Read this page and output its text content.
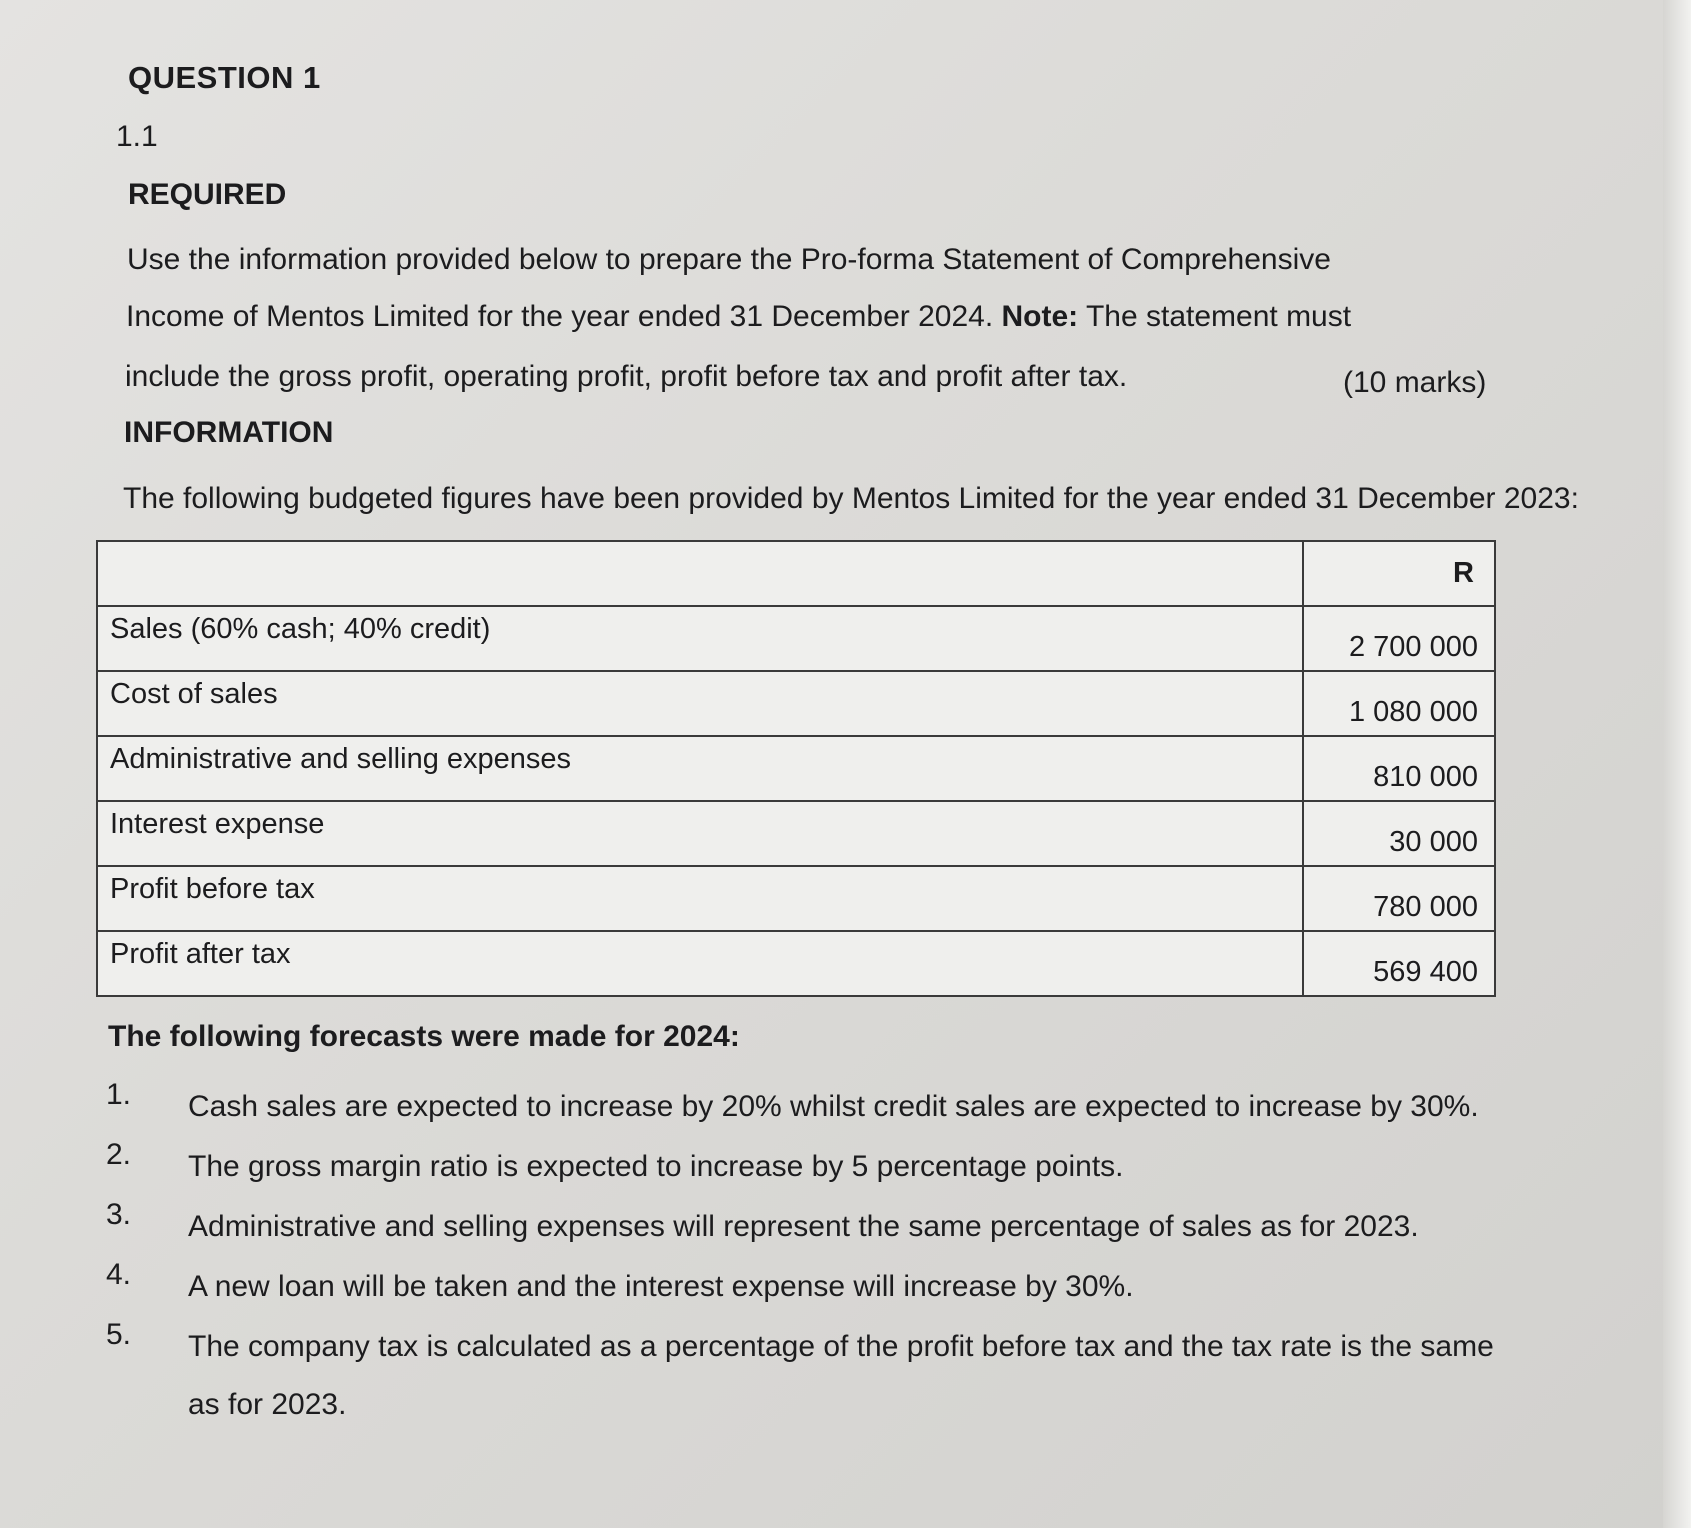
QUESTION 1
1.1
REQUIRED
Use the information provided below to prepare the Pro-forma Statement of Comprehensive
Income of Mentos Limited for the year ended 31 December 2024. Note: The statement must
include the gross profit, operating profit, profit before tax and profit after tax.	(10 marks)
INFORMATION
The following budgeted figures have been provided by Mentos Limited for the year ended 31 December 2023:
	R
Sales (60% cash; 40% credit)	2 700 000
Cost of sales	1 080 000
Administrative and selling expenses	810 000
Interest expense	30 000
Profit before tax	780 000
Profit after tax	569 400
The following forecasts were made for 2024:
1. Cash sales are expected to increase by 20% whilst credit sales are expected to increase by 30%.
2. The gross margin ratio is expected to increase by 5 percentage points.
3. Administrative and selling expenses will represent the same percentage of sales as for 2023.
4. A new loan will be taken and the interest expense will increase by 30%.
5. The company tax is calculated as a percentage of the profit before tax and the tax rate is the same as for 2023.
